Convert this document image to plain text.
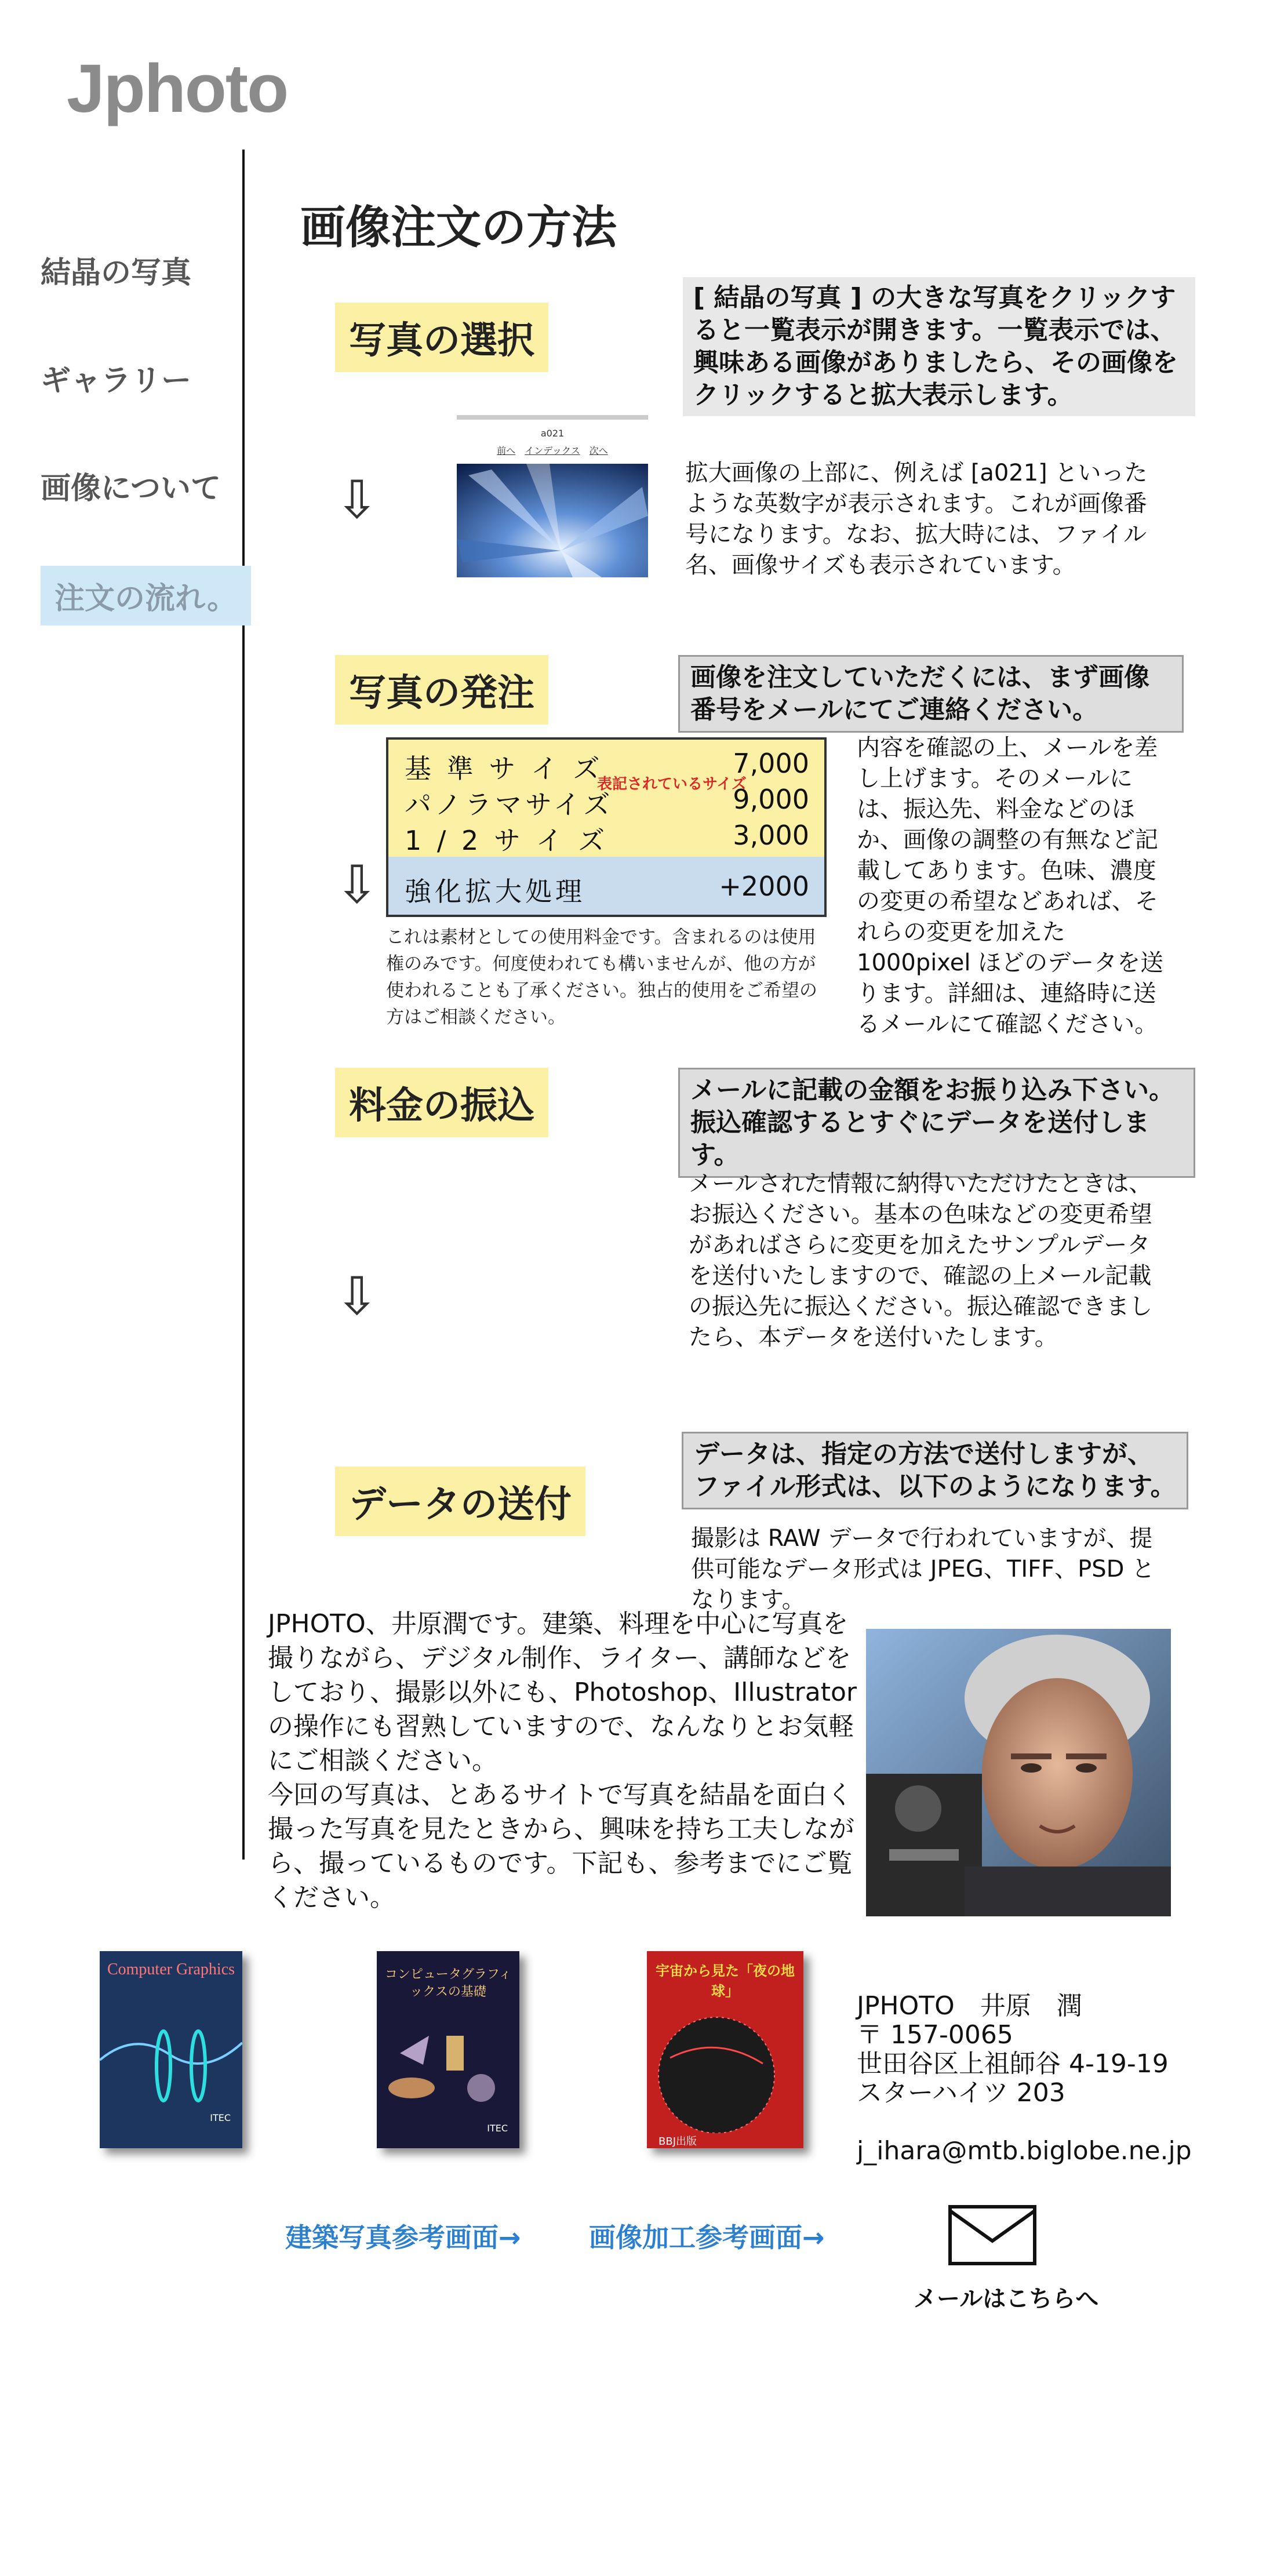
Jphoto
結晶の写真
ギャラリー
画像について
注文の流れ。
画像注文の方法
写真の選択
[ 結晶の写真 ] の大きな写真をクリックすると一覧表示が開きます。一覧表示では、興味ある画像がありましたら、その画像をクリックすると拡大表示します。
a021
前へ インデックス 次へ
⇩	拡大画像の上部に、例えば [a021] といったような英数字が表示されます。これが画像番号になります。なお、拡大時には、ファイル名、画像サイズも表示されています。
写真の発注	画像を注文していただくには、まず画像番号をメールにてご連絡ください。
基 準 サ イ ズ	7,000
表記されているサイズ
パノラマサイズ	9,000
1 / 2 サ イ ズ	3,000
強化拡大処理	+2000
⇩
これは素材としての使用料金です。含まれるのは使用権のみです。何度使われても構いませんが、他の方が使われることも了承ください。独占的使用をご希望の方はご相談ください。
内容を確認の上、メールを差し上げます。そのメールには、振込先、料金などのほか、画像の調整の有無など記載してあります。色味、濃度の変更の希望などあれば、それらの変更を加えた 1000pixel ほどのデータを送ります。詳細は、連絡時に送るメールにて確認ください。
料金の振込	メールに記載の金額をお振り込み下さい。振込確認するとすぐにデータを送付します。
メールされた情報に納得いただけたときは、お振込ください。基本の色味などの変更希望があればさらに変更を加えたサンプルデータを送付いたしますので、確認の上メール記載の振込先に振込ください。振込確認できましたら、本データを送付いたします。
⇩
データの送付
データは、指定の方法で送付しますが、ファイル形式は、以下のようになります。
撮影は RAW データで行われていますが、提供可能なデータ形式は JPEG、TIFF、PSD となります。
JPHOTO、井原潤です。建築、料理を中心に写真を撮りながら、デジタル制作、ライター、講師などをしており、撮影以外にも、Photoshop、Illustrator の操作にも習熟していますので、なんなりとお気軽にご相談ください。
今回の写真は、とあるサイトで写真を結晶を面白く撮った写真を見たときから、興味を持ち工夫しながら、撮っているものです。下記も、参考までにご覧ください。
Computer Graphics
ITEC
コンピュータグラフィックスの基礎
ITEC
宇宙から見た「夜の地球」
BBJ出版
JPHOTO　井原　潤
〒 157-0065
世田谷区上祖師谷 4-19-19
スターハイツ 203
j_ihara@mtb.biglobe.ne.jp
建築写真参考画面→	画像加工参考画面→
メールはこちらへ
